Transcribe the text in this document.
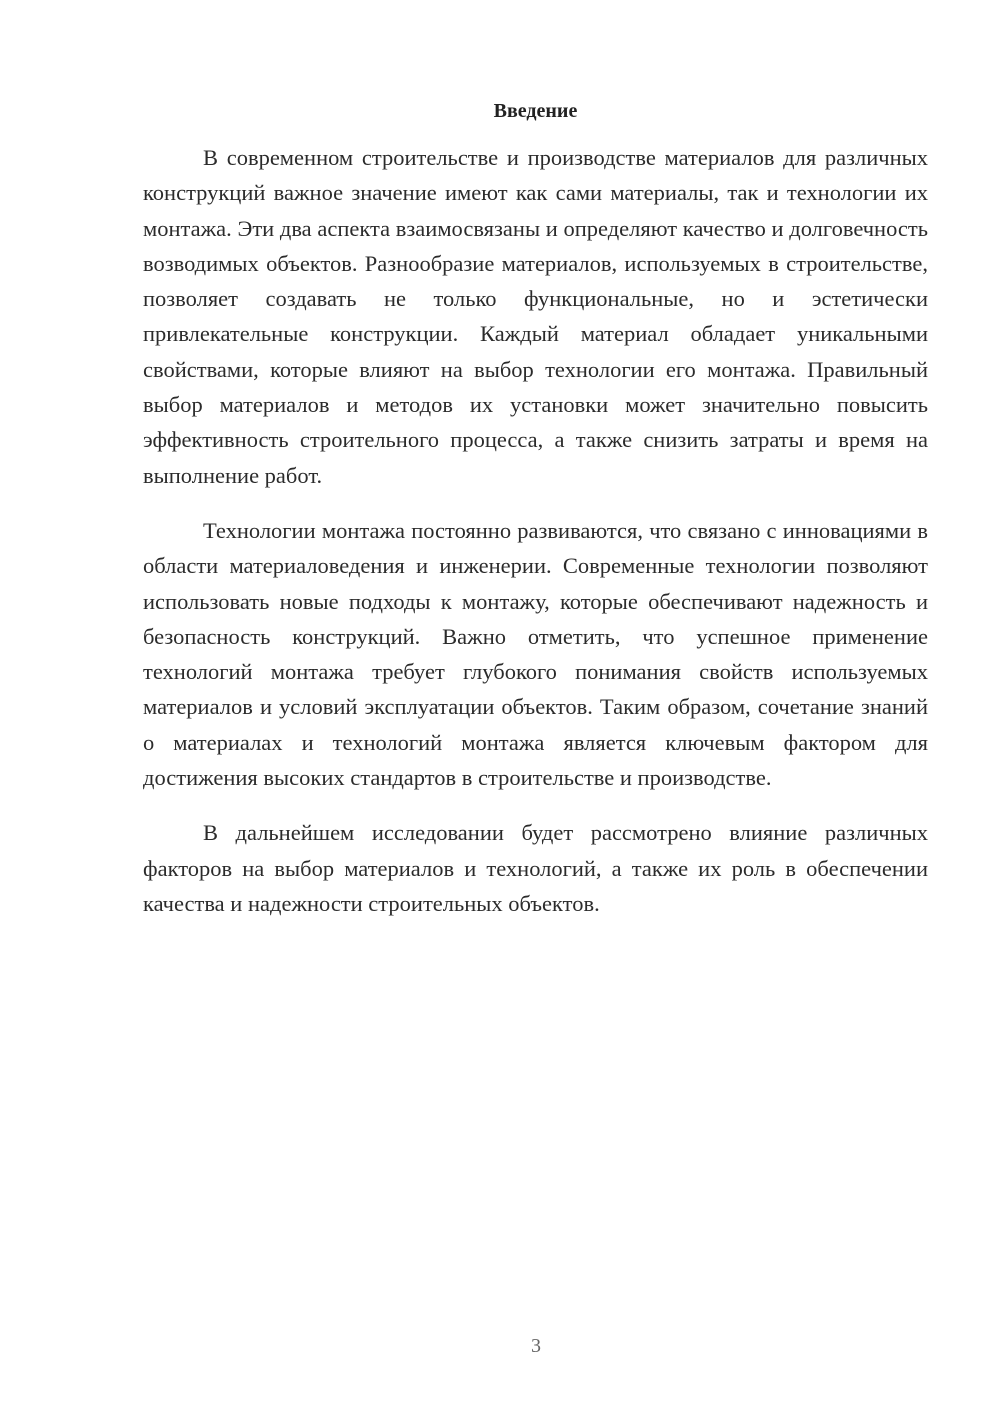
Введение

В современном строительстве и производстве материалов для различных конструкций важное значение имеют как сами материалы, так и технологии их монтажа. Эти два аспекта взаимосвязаны и определяют качество и долговечность возводимых объектов. Разнообразие материалов, используемых в строительстве, позволяет создавать не только функциональные, но и эстетически привлекательные конструкции. Каждый материал обладает уникальными свойствами, которые влияют на выбор технологии его монтажа. Правильный выбор материалов и методов их установки может значительно повысить эффективность строительного процесса, а также снизить затраты и время на выполнение работ.

Технологии монтажа постоянно развиваются, что связано с инновациями в области материаловедения и инженерии. Современные технологии позволяют использовать новые подходы к монтажу, которые обеспечивают надежность и безопасность конструкций. Важно отметить, что успешное применение технологий монтажа требует глубокого понимания свойств используемых материалов и условий эксплуатации объектов. Таким образом, сочетание знаний о материалах и технологий монтажа является ключевым фактором для достижения высоких стандартов в строительстве и производстве.

В дальнейшем исследовании будет рассмотрено влияние различных факторов на выбор материалов и технологий, а также их роль в обеспечении качества и надежности строительных объектов.

3
